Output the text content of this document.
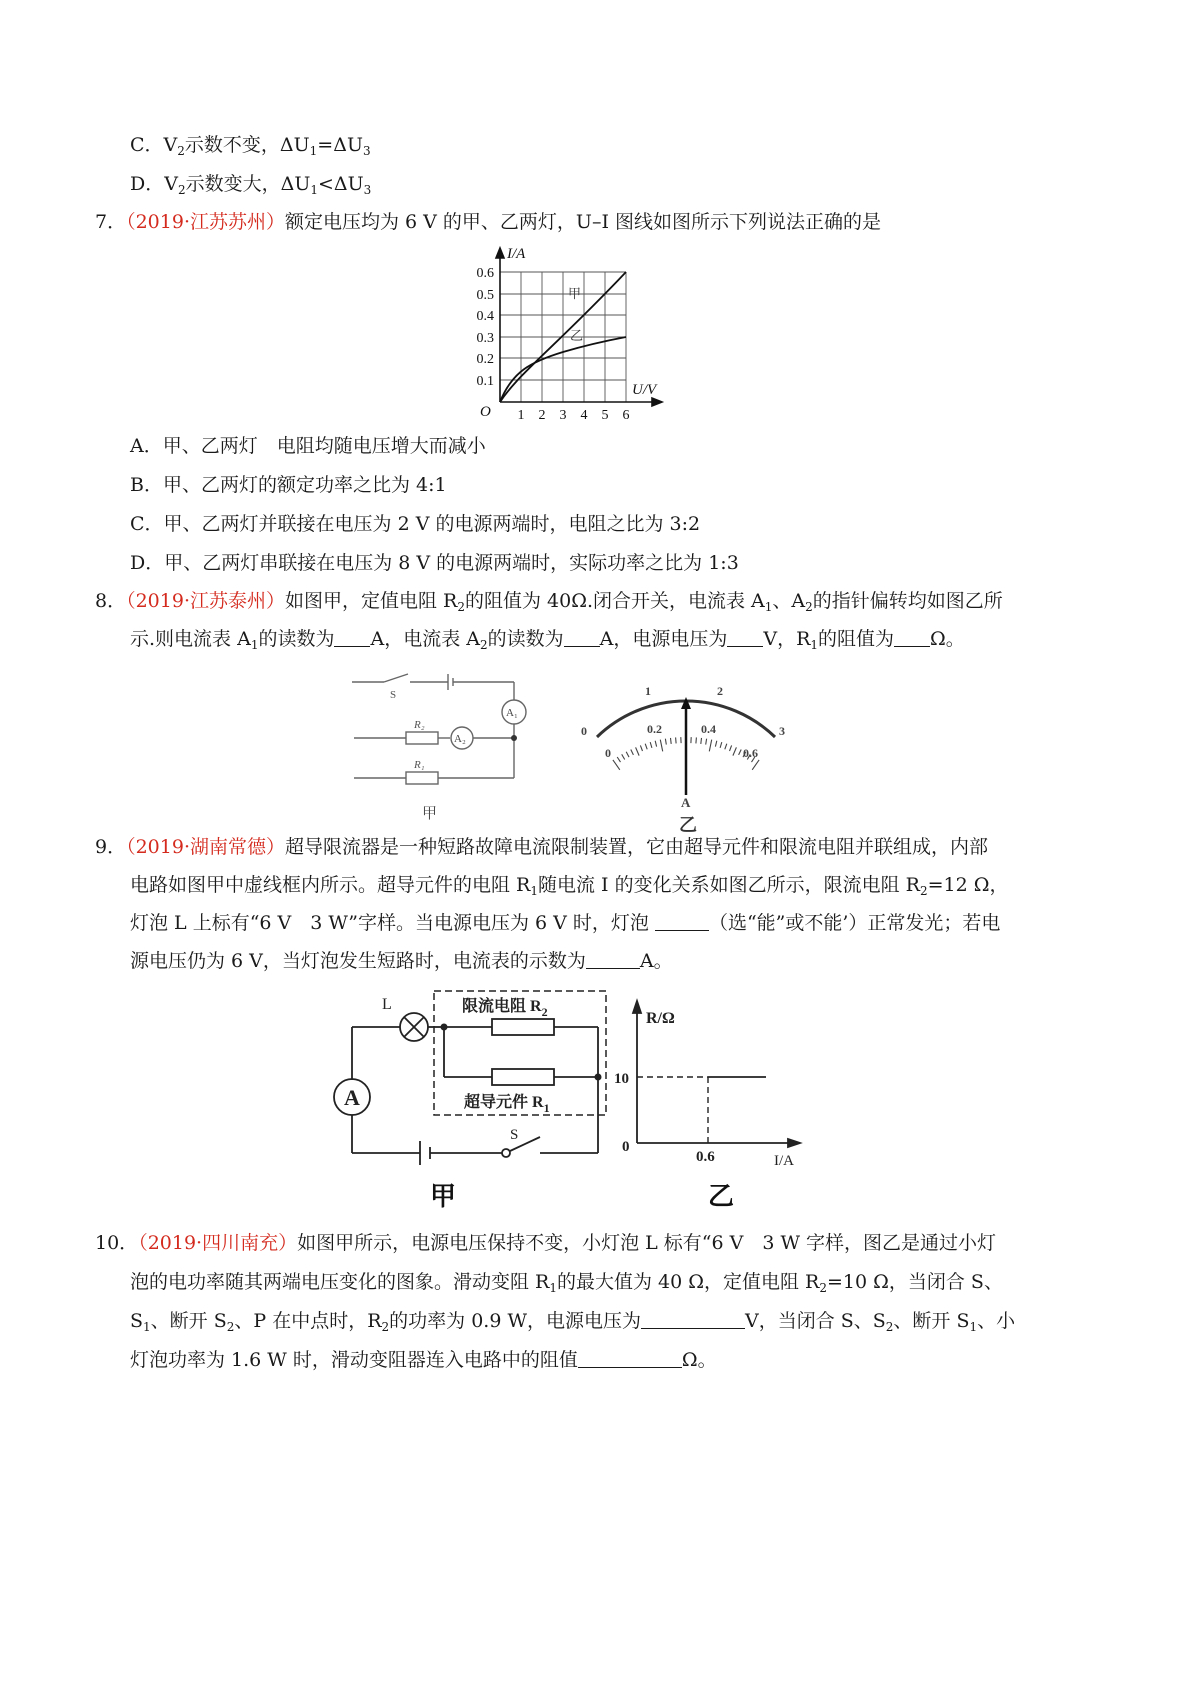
C．$V_2$示数不变，$\Delta U_1=\Delta U_3$
D．$V_2$示数变大，$\Delta U_1<\Delta U_3$
7．（2019·江苏苏州）额定电压均为 6 V 的甲、乙两灯，U–I 图线如图所示下列说法正确的是
甲
乙
I/A
U/V
O
0.6
0.5
0.4
0.3
0.2
0.1
1 2 3 4 5 6
A．甲、乙两灯　电阻均随电压增大而减小
B．甲、乙两灯的额定功率之比为 4:1
C．甲、乙两灯并联接在电压为 2 V 的电源两端时，电阻之比为 3:2
D．甲、乙两灯串联接在电压为 8 V 的电源两端时，实际功率之比为 1:3
8．（2019·江苏泰州）如图甲，定值电阻 $R_2$的阻值为 40Ω.闭合开关，电流表 $A_1$、$A_2$的指针偏转均如图乙所
示.则电流表 $A_1$的读数为 A，电流表 $A_2$的读数为 A，电源电压为 V，$R_1$的阻值为 Ω。
S
A₁
A₂
R₂
R₁
甲
0
1	2
3
0
0.2	0.4
0.6
A
乙
9．（2019·湖南常德）超导限流器是一种短路故障电流限制装置，它由超导元件和限流电阻并联组成，内部
电路如图甲中虚线框内所示。超导元件的电阻 $R_1$随电流 I 的变化关系如图乙所示，限流电阻 $R_2=12$ Ω，
灯泡 L 上标有“6 V　3 W”字样。当电源电压为 6 V 时，灯泡	（选“能”或不能’）正常发光；若电
源电压仍为 6 V，当灯泡发生短路时，电流表的示数为	A。
L
A
S
限流电阻 $R_2$
超导元件 $R_1$
甲
R/Ω
I/A
10
0.6
0
乙
10．（2019·四川南充）如图甲所示，电源电压保持不变，小灯泡 L 标有“6 V　3 W 字样，图乙是通过小灯
泡的电功率随其两端电压变化的图象。滑动变阻 $R_1$的最大值为 40 Ω，定值电阻 $R_2=10$ Ω，当闭合 S、
$S_1$、断开 $S_2$、P 在中点时，$R_2$的功率为 0.9 W，电源电压为	V，当闭合 S、$S_2$、断开 $S_1$、小
灯泡功率为 1.6 W 时，滑动变阻器连入电路中的阻值	Ω。
